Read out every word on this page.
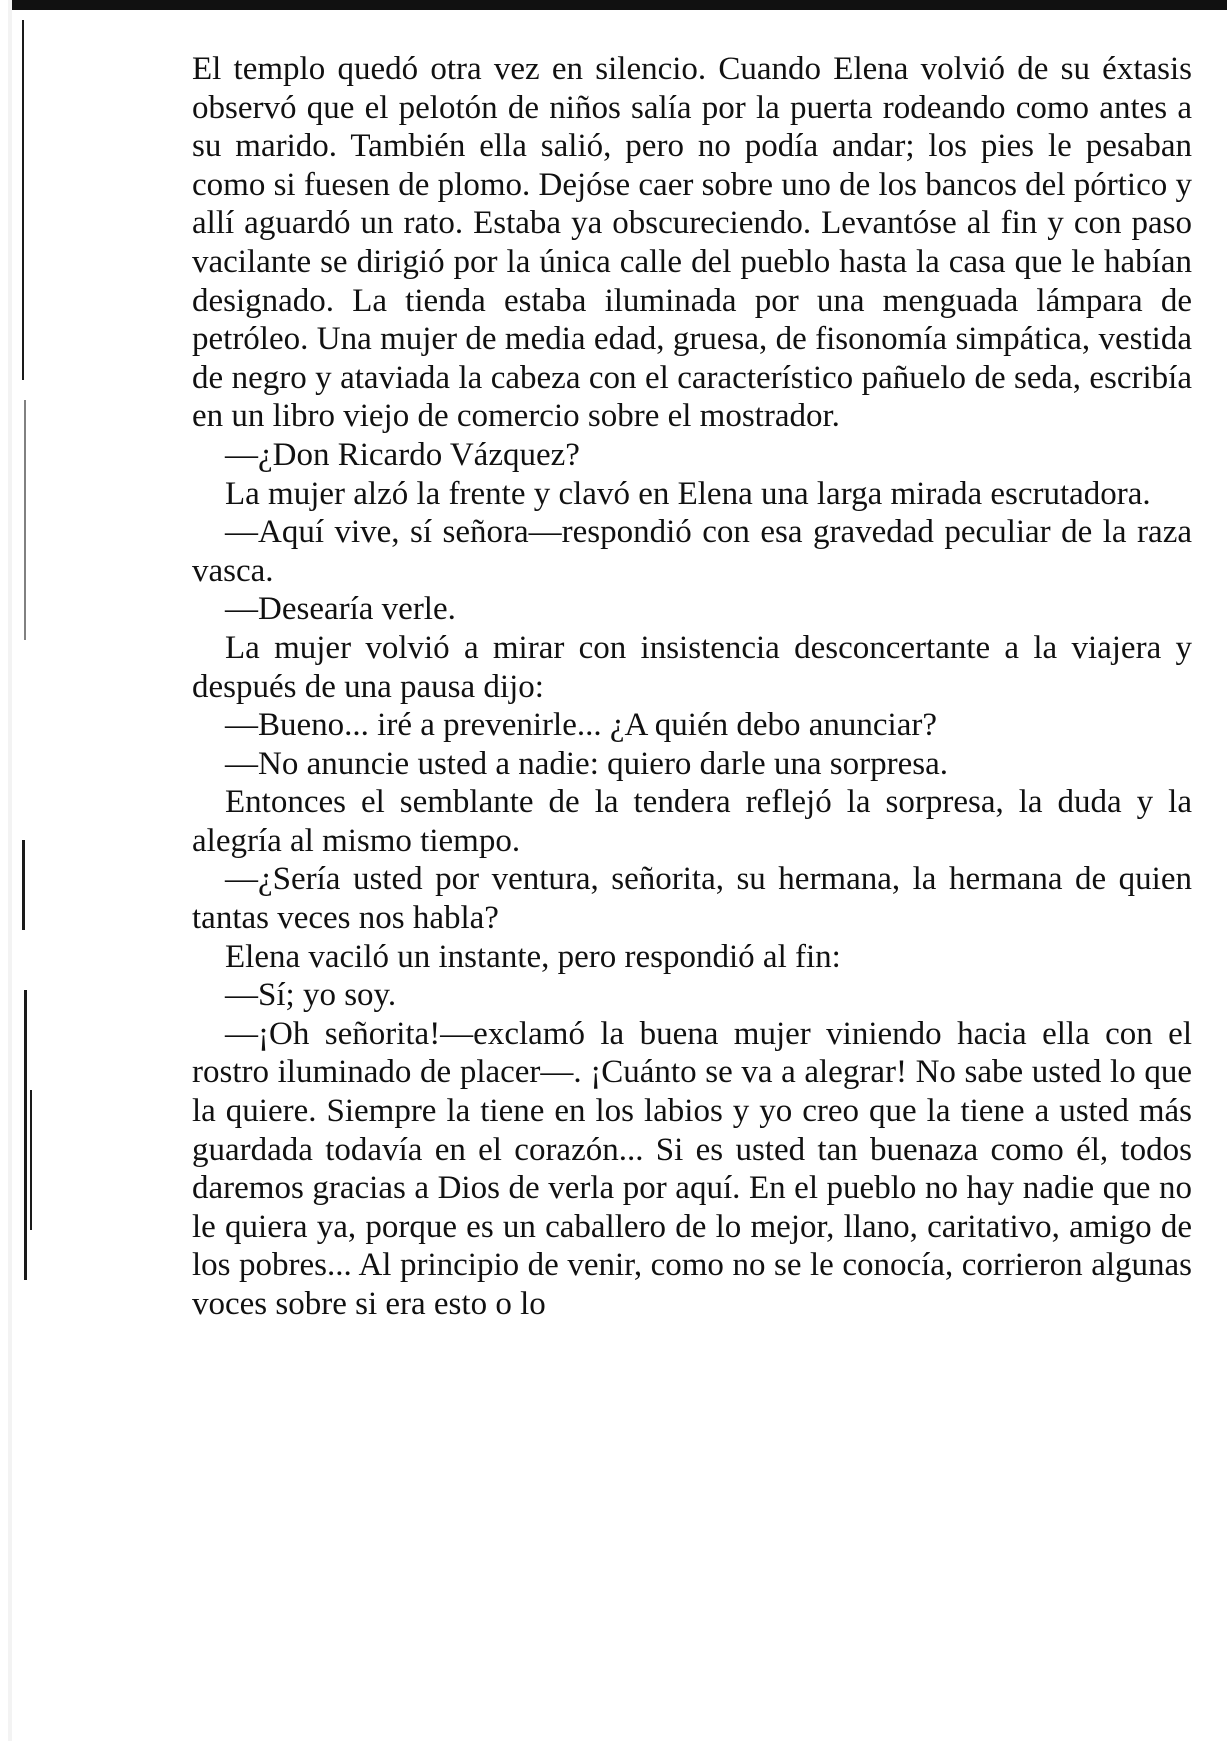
El templo quedó otra vez en silencio. Cuando Elena volvió de su éxtasis observó que el pelotón de niños salía por la puerta rodeando como antes a su marido. También ella salió, pero no podía andar; los pies le pesaban como si fuesen de plomo. Dejóse caer sobre uno de los bancos del pórtico y allí aguardó un rato. Estaba ya obscureciendo. Levantóse al fin y con paso vacilante se dirigió por la única calle del pueblo hasta la casa que le habían designado. La tienda estaba iluminada por una menguada lámpara de petróleo. Una mujer de media edad, gruesa, de fisonomía simpática, vestida de negro y ataviada la cabeza con el característico pañuelo de seda, escribía en un libro viejo de comercio sobre el mostrador.

—¿Don Ricardo Vázquez?

La mujer alzó la frente y clavó en Elena una larga mirada escrutadora.

—Aquí vive, sí señora—respondió con esa gravedad peculiar de la raza vasca.

—Desearía verle.

La mujer volvió a mirar con insistencia desconcertante a la viajera y después de una pausa dijo:

—Bueno... iré a prevenirle... ¿A quién debo anunciar?

—No anuncie usted a nadie: quiero darle una sorpresa.

Entonces el semblante de la tendera reflejó la sorpresa, la duda y la alegría al mismo tiempo.

—¿Sería usted por ventura, señorita, su hermana, la hermana de quien tantas veces nos habla?

Elena vaciló un instante, pero respondió al fin:

—Sí; yo soy.

—¡Oh señorita!—exclamó la buena mujer viniendo hacia ella con el rostro iluminado de placer—. ¡Cuánto se va a alegrar! No sabe usted lo que la quiere. Siempre la tiene en los labios y yo creo que la tiene a usted más guardada todavía en el corazón... Si es usted tan buenaza como él, todos daremos gracias a Dios de verla por aquí. En el pueblo no hay nadie que no le quiera ya, porque es un caballero de lo mejor, llano, caritativo, amigo de los pobres... Al principio de venir, como no se le conocía, corrieron algunas voces sobre si era esto o lo
